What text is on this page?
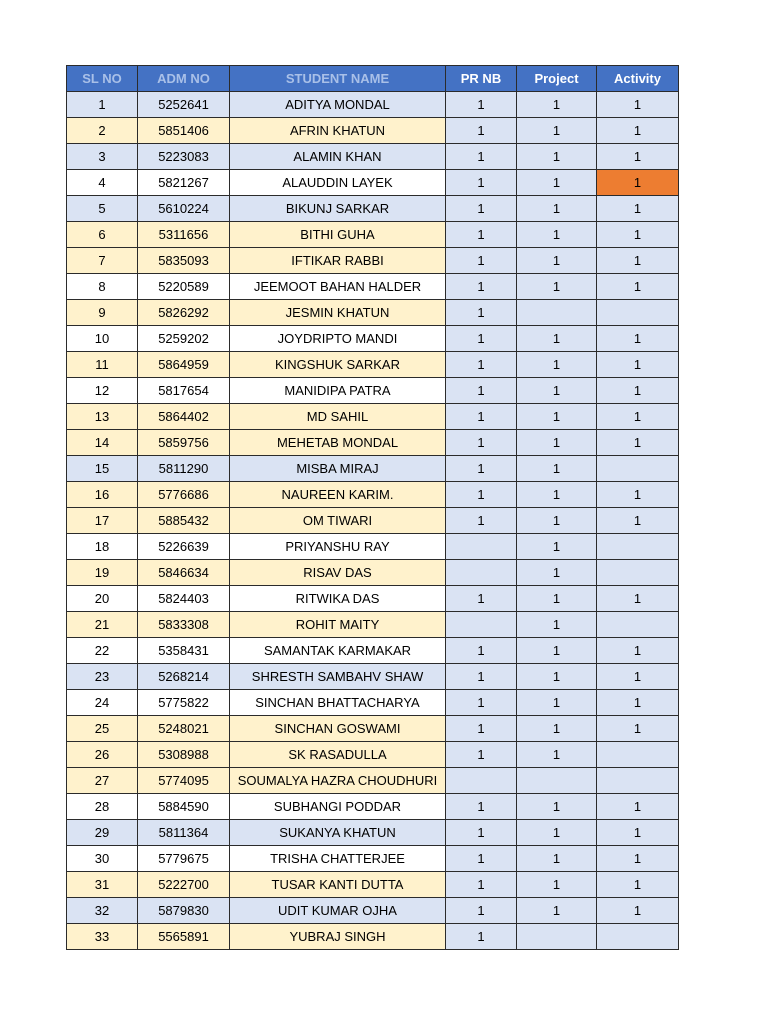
SL NO	ADM NO	STUDENT NAME	PR NB	Project	Activity
1	5252641	ADITYA MONDAL	1	1	1
2	5851406	AFRIN KHATUN	1	1	1
3	5223083	ALAMIN KHAN	1	1	1
4	5821267	ALAUDDIN LAYEK	1	1	1
5	5610224	BIKUNJ SARKAR	1	1	1
6	5311656	BITHI GUHA	1	1	1
7	5835093	IFTIKAR RABBI	1	1	1
8	5220589	JEEMOOT BAHAN HALDER	1	1	1
9	5826292	JESMIN KHATUN	1		
10	5259202	JOYDRIPTO MANDI	1	1	1
11	5864959	KINGSHUK SARKAR	1	1	1
12	5817654	MANIDIPA PATRA	1	1	1
13	5864402	MD SAHIL	1	1	1
14	5859756	MEHETAB MONDAL	1	1	1
15	5811290	MISBA MIRAJ	1	1	
16	5776686	NAUREEN KARIM.	1	1	1
17	5885432	OM TIWARI	1	1	1
18	5226639	PRIYANSHU RAY		1	
19	5846634	RISAV DAS		1	
20	5824403	RITWIKA DAS	1	1	1
21	5833308	ROHIT MAITY		1	
22	5358431	SAMANTAK KARMAKAR	1	1	1
23	5268214	SHRESTH SAMBAHV SHAW	1	1	1
24	5775822	SINCHAN BHATTACHARYA	1	1	1
25	5248021	SINCHAN GOSWAMI	1	1	1
26	5308988	SK RASADULLA	1	1	
27	5774095	SOUMALYA HAZRA CHOUDHURI			
28	5884590	SUBHANGI PODDAR	1	1	1
29	5811364	SUKANYA KHATUN	1	1	1
30	5779675	TRISHA CHATTERJEE	1	1	1
31	5222700	TUSAR KANTI DUTTA	1	1	1
32	5879830	UDIT KUMAR OJHA	1	1	1
33	5565891	YUBRAJ SINGH	1		
